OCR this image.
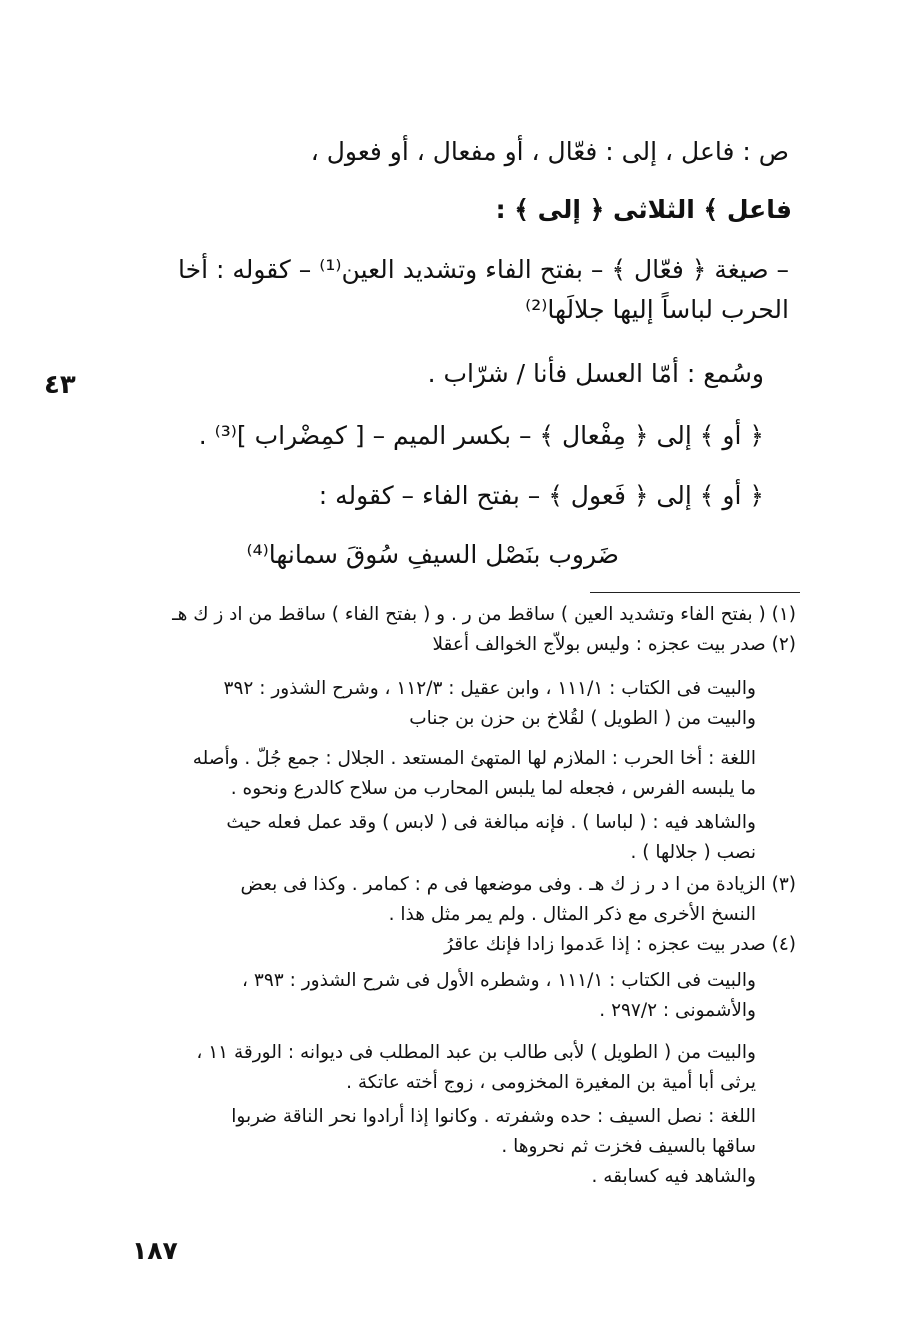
ص : فاعل ، إلى : فعّال ، أو مفعال ، أو فعول ،
فاعل ﴾ الثلاثى ﴿ إلى ﴾ :
– صيغة ﴿ فعّال ﴾ – بفتح الفاء وتشديد العين⁽¹⁾ – كقوله : أخا
الحرب لباساً إليها جلالَها⁽²⁾
وسُمع : أمّا العسل فأنا / شرّاب .
﴿ أو ﴾ إلى ﴿ مِفْعال ﴾ – بكسر الميم – [ كمِضْراب ]⁽³⁾ .
﴿ أو ﴾ إلى ﴿ فَعول ﴾ – بفتح الفاء – كقوله :
ضَروب بنَصْل السيفِ سُوقَ سمانها⁽⁴⁾
٤٣
(١) ( بفتح الفاء وتشديد العين ) ساقط من ر . و ( بفتح الفاء ) ساقط من اد ز ك هـ
(٢) صدر بيت عجزه : وليس بولاّج الخوالف أعقلا
والبيت فى الكتاب : ١١١/١ ، وابن عقيل : ١١٢/٣ ، وشرح الشذور : ٣٩٢
والبيت من ( الطويل ) لقُلاخ بن حزن بن جناب
اللغة : أخا الحرب : الملازم لها المتهئ المستعد . الجلال : جمع جُلّ . وأصله
ما يلبسه الفرس ، فجعله لما يلبس المحارب من سلاح كالدرع ونحوه .
والشاهد فيه : ( لباسا ) . فإنه مبالغة فى ( لابس ) وقد عمل فعله حيث
نصب ( جلالها ) .
(٣) الزيادة من ا د ر ز ك هـ . وفى موضعها فى م : كمامر . وكذا فى بعض
النسخ الأخرى مع ذكر المثال . ولم يمر مثل هذا .
(٤) صدر بيت عجزه : إذا عَدموا زادا فإنك عاقرُ
والبيت فى الكتاب : ١١١/١ ، وشطره الأول فى شرح الشذور : ٣٩٣ ،
والأشمونى : ٢٩٧/٢ .
والبيت من ( الطويل ) لأبى طالب بن عبد المطلب فى ديوانه : الورقة ١١ ،
يرثى أبا أمية بن المغيرة المخزومى ، زوج أخته عاتكة .
اللغة : نصل السيف : حده وشفرته . وكانوا إذا أرادوا نحر الناقة ضربوا
ساقها بالسيف فخزت ثم نحروها .
والشاهد فيه كسابقه .
١٨٧
